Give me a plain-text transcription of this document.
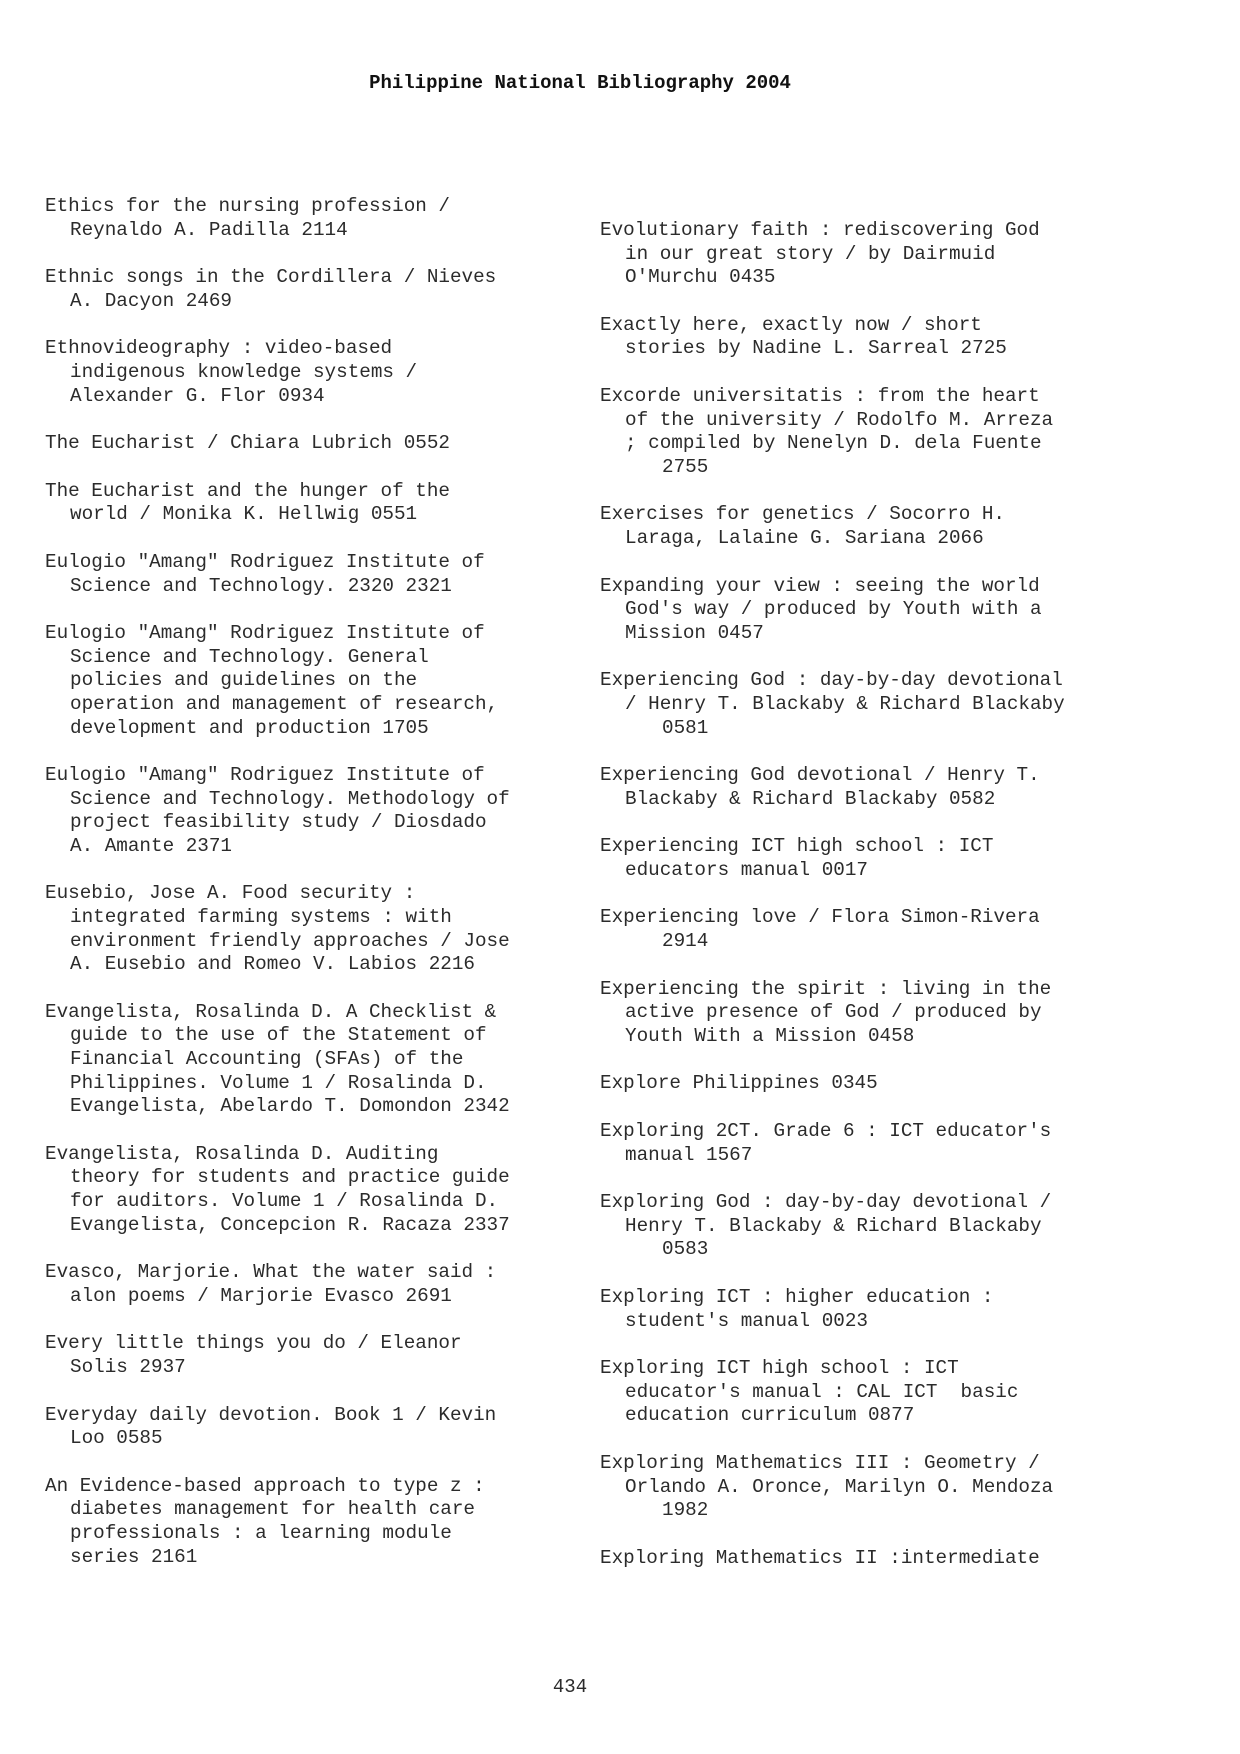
Philippine National Bibliography 2004
Ethics for the nursing profession /
Reynaldo A. Padilla 2114
Ethnic songs in the Cordillera / Nieves
A. Dacyon 2469
Ethnovideography : video-based
indigenous knowledge systems /
Alexander G. Flor 0934
The Eucharist / Chiara Lubrich 0552
The Eucharist and the hunger of the
world / Monika K. Hellwig 0551
Eulogio "Amang" Rodriguez Institute of
Science and Technology. 2320 2321
Eulogio "Amang" Rodriguez Institute of
Science and Technology. General
policies and guidelines on the
operation and management of research,
development and production 1705
Eulogio "Amang" Rodriguez Institute of
Science and Technology. Methodology of
project feasibility study / Diosdado
A. Amante 2371
Eusebio, Jose A. Food security :
integrated farming systems : with
environment friendly approaches / Jose
A. Eusebio and Romeo V. Labios 2216
Evangelista, Rosalinda D. A Checklist &
guide to the use of the Statement of
Financial Accounting (SFAs) of the
Philippines. Volume 1 / Rosalinda D.
Evangelista, Abelardo T. Domondon 2342
Evangelista, Rosalinda D. Auditing
theory for students and practice guide
for auditors. Volume 1 / Rosalinda D.
Evangelista, Concepcion R. Racaza 2337
Evasco, Marjorie. What the water said :
alon poems / Marjorie Evasco 2691
Every little things you do / Eleanor
Solis 2937
Everyday daily devotion. Book 1 / Kevin
Loo 0585
An Evidence-based approach to type z :
diabetes management for health care
professionals : a learning module
series 2161
Evolutionary faith : rediscovering God
in our great story / by Dairmuid
O'Murchu 0435
Exactly here, exactly now / short
stories by Nadine L. Sarreal 2725
Excorde universitatis : from the heart
of the university / Rodolfo M. Arreza
; compiled by Nenelyn D. dela Fuente
2755
Exercises for genetics / Socorro H.
Laraga, Lalaine G. Sariana 2066
Expanding your view : seeing the world
God's way / produced by Youth with a
Mission 0457
Experiencing God : day-by-day devotional
/ Henry T. Blackaby & Richard Blackaby
0581
Experiencing God devotional / Henry T.
Blackaby & Richard Blackaby 0582
Experiencing ICT high school : ICT
educators manual 0017
Experiencing love / Flora Simon-Rivera
2914
Experiencing the spirit : living in the
active presence of God / produced by
Youth With a Mission 0458
Explore Philippines 0345
Exploring 2CT. Grade 6 : ICT educator's
manual 1567
Exploring God : day-by-day devotional /
Henry T. Blackaby & Richard Blackaby
0583
Exploring ICT : higher education :
student's manual 0023
Exploring ICT high school : ICT
educator's manual : CAL ICT  basic
education curriculum 0877
Exploring Mathematics III : Geometry /
Orlando A. Oronce, Marilyn O. Mendoza
1982
Exploring Mathematics II :intermediate
434
